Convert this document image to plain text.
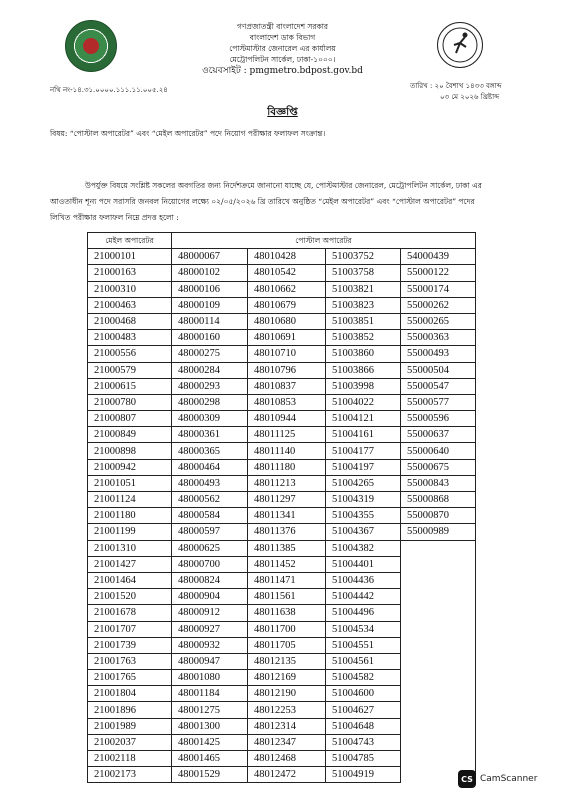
গণপ্রজাতন্ত্রী বাংলাদেশ সরকার
বাংলাদেশ ডাক বিভাগ
পোস্টমাস্টার জেনারেল এর কার্যালয়
মেট্রোপলিটন সার্কেল, ঢাকা-১০০০।
ওয়েবসাইট : pmgmetro.bdpost.gov.bd
নথি নং-১৪.৩১.০০০০.১১১.১১.০০৫.২৪	তারিখ : ২০ বৈশাখ ১৪৩৩ বঙ্গাব্দ
০৩ মে ২০২৬ খ্রিষ্টাব্দ
বিজ্ঞপ্তি
বিষয়: “পোস্টাল অপারেটর” এবং “মেইল অপারেটর” পদে নিয়োগ পরীক্ষার ফলাফল সংক্রান্ত।
উপর্যুক্ত বিষয়ে সংশ্লিষ্ট সকলের অবগতির জন্য নির্দেশক্রমে জানানো যাচ্ছে যে, পোস্টমাস্টার জেনারেল, মেট্রোপলিটন সার্কেল, ঢাকা এর
আওতাধীন শূন্য পদে সরাসরি জনবল নিয়োগের লক্ষ্যে ০২/০৫/২০২৬ খ্রি তারিখে অনুষ্ঠিত “মেইল অপারেটর” এবং “পোস্টাল অপারেটর” পদের
লিখিত পরীক্ষার ফলাফল নিম্নে প্রদত্ত হলো :
মেইল অপারেটর	পোস্টাল অপারেটর			
21000101	48000067	48010428	51003752	54000439
21000163	48000102	48010542	51003758	55000122
21000310	48000106	48010662	51003821	55000174
21000463	48000109	48010679	51003823	55000262
21000468	48000114	48010680	51003851	55000265
21000483	48000160	48010691	51003852	55000363
21000556	48000275	48010710	51003860	55000493
21000579	48000284	48010796	51003866	55000504
21000615	48000293	48010837	51003998	55000547
21000780	48000298	48010853	51004022	55000577
21000807	48000309	48010944	51004121	55000596
21000849	48000361	48011125	51004161	55000637
21000898	48000365	48011140	51004177	55000640
21000942	48000464	48011180	51004197	55000675
21001051	48000493	48011213	51004265	55000843
21001124	48000562	48011297	51004319	55000868
21001180	48000584	48011341	51004355	55000870
21001199	48000597	48011376	51004367	55000989
21001310	48000625	48011385	51004382	
21001427	48000700	48011452	51004401	
21001464	48000824	48011471	51004436	
21001520	48000904	48011561	51004442	
21001678	48000912	48011638	51004496	
21001707	48000927	48011700	51004534	
21001739	48000932	48011705	51004551	
21001763	48000947	48012135	51004561	
21001765	48001080	48012169	51004582	
21001804	48001184	48012190	51004600	
21001896	48001275	48012253	51004627	
21001989	48001300	48012314	51004648	
21002037	48001425	48012347	51004743	
21002118	48001465	48012468	51004785	
21002173	48001529	48012472	51004919		CS CamScanner
